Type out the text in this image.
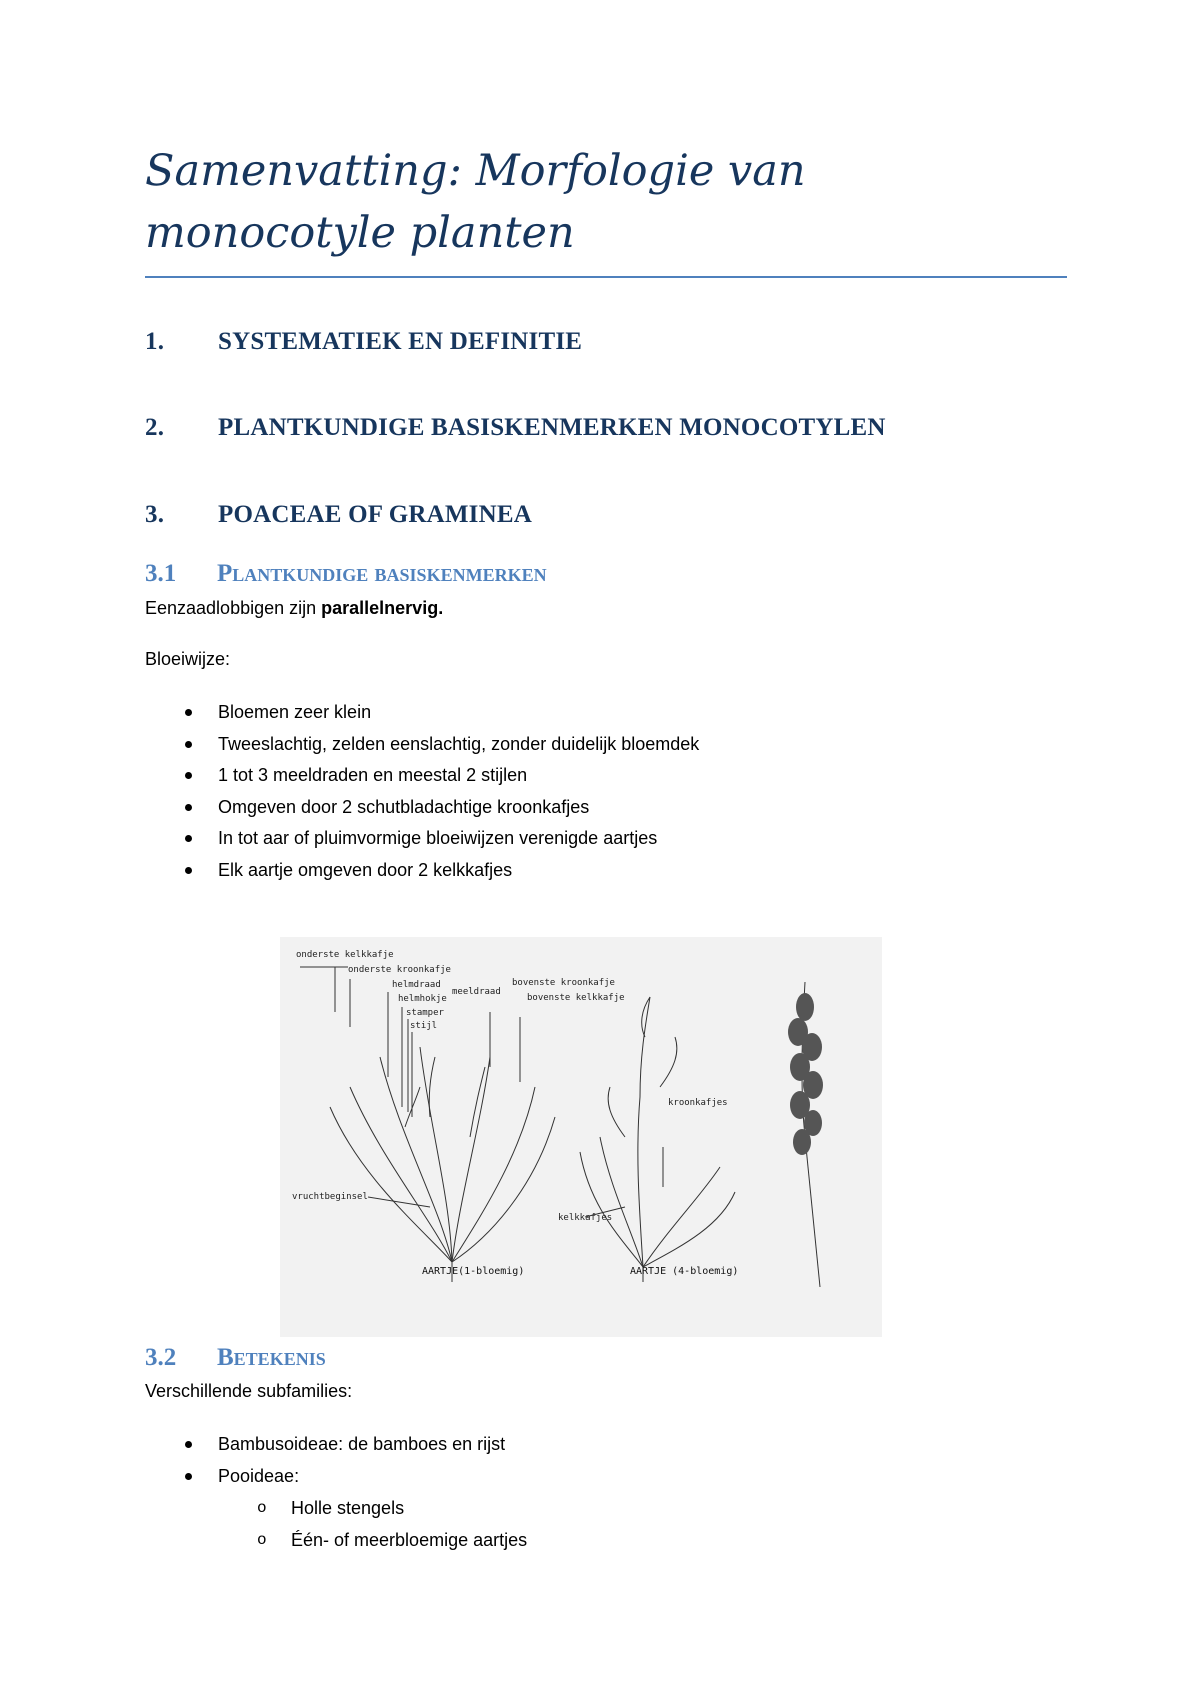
Samenvatting: Morfologie van
monocotyle planten
1. SYSTEMATIEK EN DEFINITIE
2. PLANTKUNDIGE BASISKENMERKEN MONOCOTYLEN
3. POACEAE OF GRAMINEA
3.1 Plantkundige basiskenmerken

Eenzaadlobbigen zijn parallelnervig.

Bloeiwijze:

Bloemen zeer klein
Tweeslachtig, zelden eenslachtig, zonder duidelijk bloemdek
1 tot 3 meeldraden en meestal 2 stijlen
Omgeven door 2 schutbladachtige kroonkafjes
In tot aar of pluimvormige bloeiwijzen verenigde aartjes
Elk aartje omgeven door 2 kelkkafjes
onderste kelkkafje
onderste kroonkafje
helmdraad
helmhokje
meeldraad
stamper
stijl
bovenste kroonkafje
bovenste kelkkafje
kroonkafjes
vruchtbeginsel
kelkkafjes
AARTJE(1-bloemig)	AARTJE (4-bloemig)
3.2 Betekenis

Verschillende subfamilies:

Bambusoideae: de bamboes en rijst
Pooideae:
o Holle stengels
o Één- of meerbloemige aartjes
